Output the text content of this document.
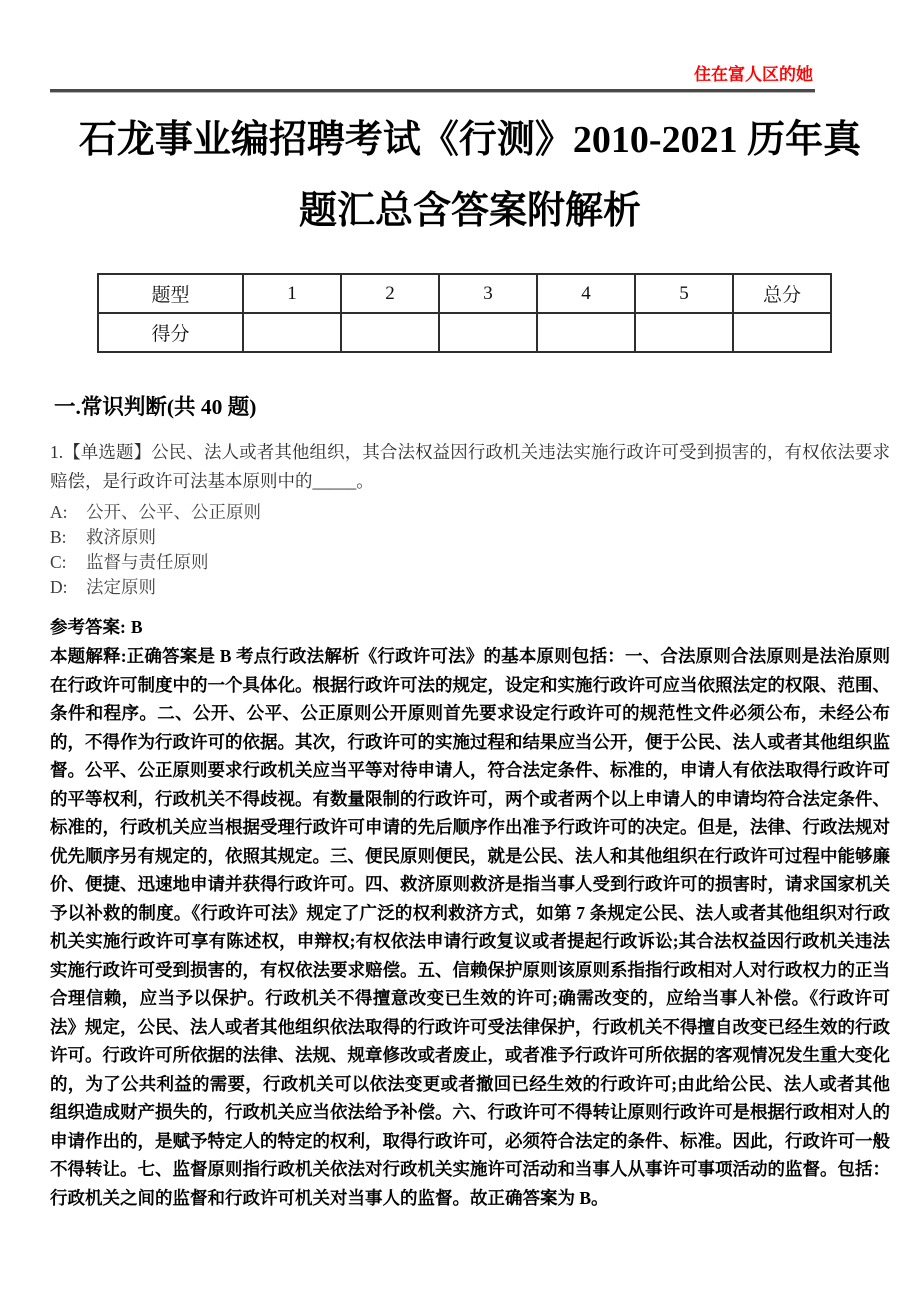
住在富人区的她
石龙事业编招聘考试《行测》2010-2021 历年真
题汇总含答案附解析
题型	1	2	3	4	5	总分
得分						
一.常识判断(共 40 题)
1.【单选题】公民、法人或者其他组织，其合法权益因行政机关违法实施行政许可受到损害的，有权依法要求赔偿，是行政许可法基本原则中的_____。
A: 公开、公平、公正原则
B: 救济原则
C: 监督与责任原则
D: 法定原则
参考答案: B
本题解释:正确答案是 B 考点行政法解析《行政许可法》的基本原则包括：一、合法原则合法原则是法治原则在行政许可制度中的一个具体化。根据行政许可法的规定，设定和实施行政许可应当依照法定的权限、范围、条件和程序。二、公开、公平、公正原则公开原则首先要求设定行政许可的规范性文件必须公布，未经公布的，不得作为行政许可的依据。其次，行政许可的实施过程和结果应当公开，便于公民、法人或者其他组织监督。公平、公正原则要求行政机关应当平等对待申请人，符合法定条件、标准的，申请人有依法取得行政许可的平等权利，行政机关不得歧视。有数量限制的行政许可，两个或者两个以上申请人的申请均符合法定条件、标准的，行政机关应当根据受理行政许可申请的先后顺序作出准予行政许可的决定。但是，法律、行政法规对优先顺序另有规定的，依照其规定。三、便民原则便民，就是公民、法人和其他组织在行政许可过程中能够廉价、便捷、迅速地申请并获得行政许可。四、救济原则救济是指当事人受到行政许可的损害时，请求国家机关予以补救的制度。《行政许可法》规定了广泛的权利救济方式，如第 7 条规定公民、法人或者其他组织对行政机关实施行政许可享有陈述权，申辩权;有权依法申请行政复议或者提起行政诉讼;其合法权益因行政机关违法实施行政许可受到损害的，有权依法要求赔偿。五、信赖保护原则该原则系指指行政相对人对行政权力的正当合理信赖，应当予以保护。行政机关不得擅意改变已生效的许可;确需改变的，应给当事人补偿。《行政许可法》规定，公民、法人或者其他组织依法取得的行政许可受法律保护，行政机关不得擅自改变已经生效的行政许可。行政许可所依据的法律、法规、规章修改或者废止，或者准予行政许可所依据的客观情况发生重大变化的，为了公共利益的需要，行政机关可以依法变更或者撤回已经生效的行政许可;由此给公民、法人或者其他组织造成财产损失的，行政机关应当依法给予补偿。六、行政许可不得转让原则行政许可是根据行政相对人的申请作出的，是赋予特定人的特定的权利，取得行政许可，必须符合法定的条件、标准。因此，行政许可一般不得转让。七、监督原则指行政机关依法对行政机关实施许可活动和当事人从事许可事项活动的监督。包括：行政机关之间的监督和行政许可机关对当事人的监督。故正确答案为 B。
